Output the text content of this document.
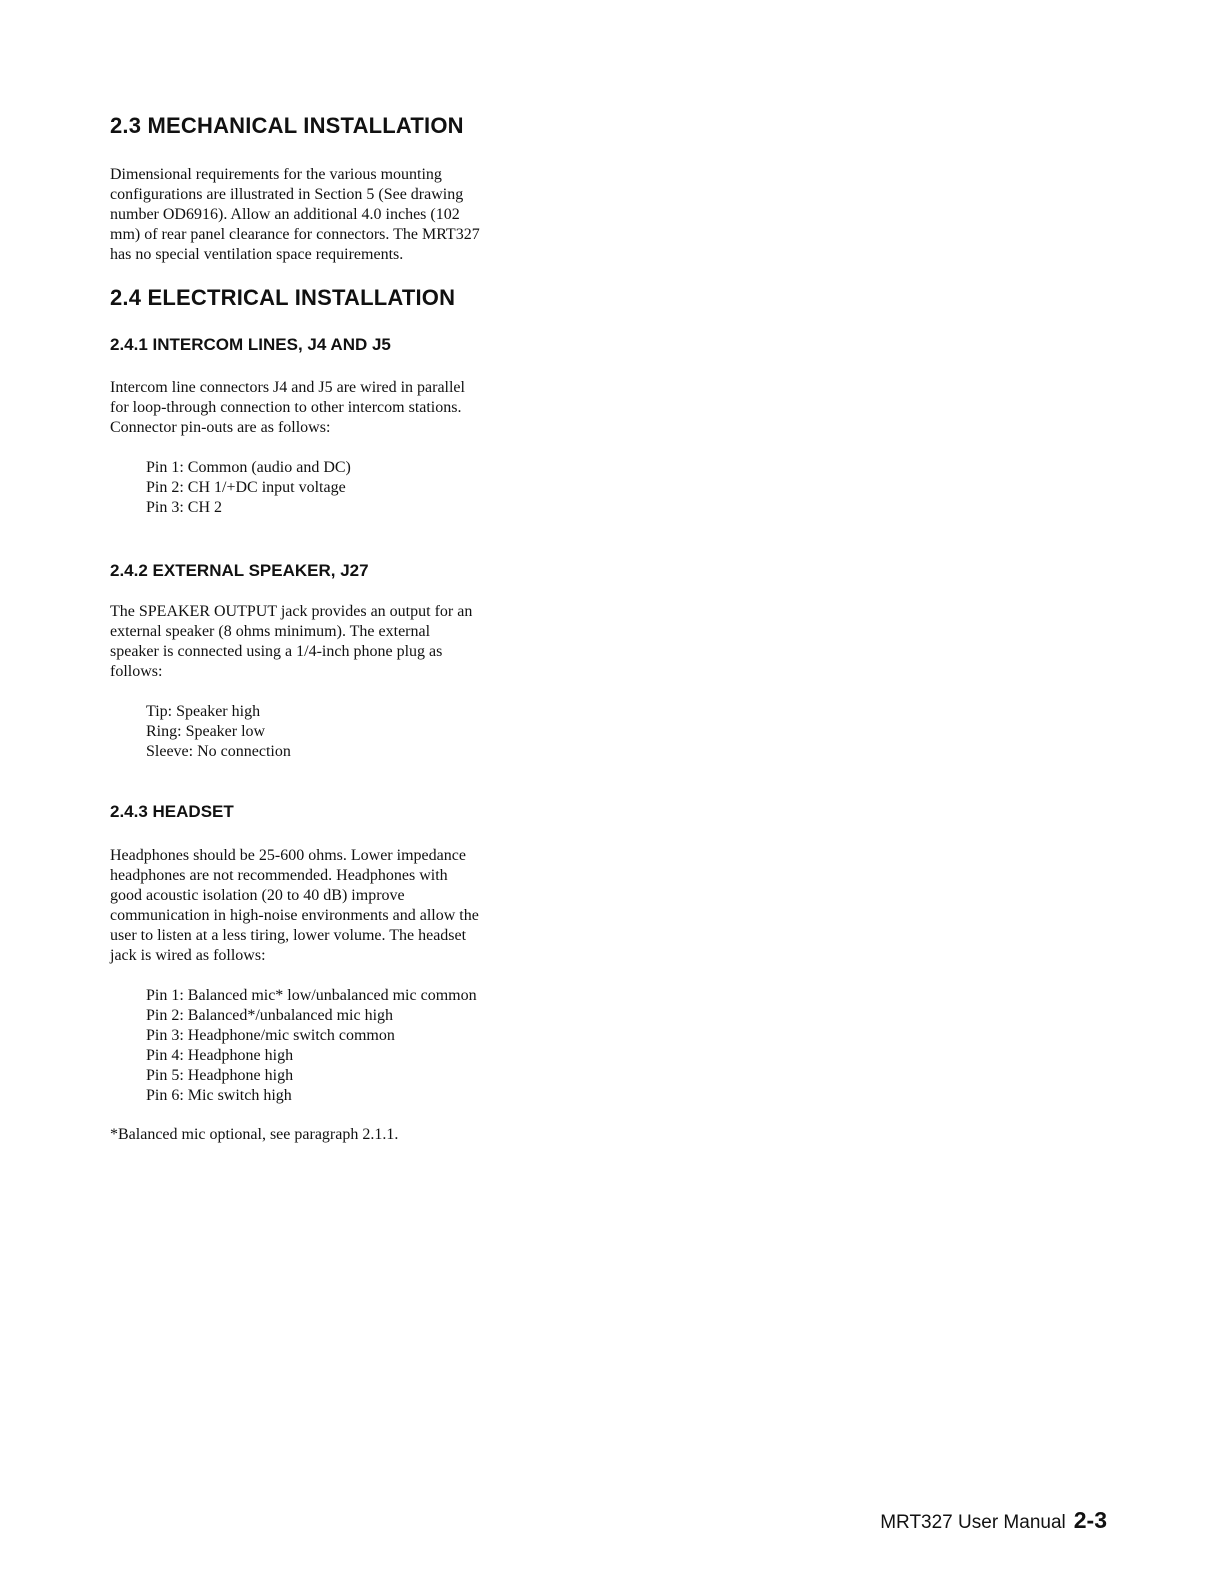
2.3 MECHANICAL INSTALLATION

Dimensional requirements for the various mounting
configurations are illustrated in Section 5 (See drawing
number OD6916). Allow an additional 4.0 inches (102
mm) of rear panel clearance for connectors. The MRT327
has no special ventilation space requirements.

2.4 ELECTRICAL INSTALLATION
2.4.1 INTERCOM LINES, J4 AND J5

Intercom line connectors J4 and J5 are wired in parallel
for loop-through connection to other intercom stations.
Connector pin-outs are as follows:

Pin 1: Common (audio and DC)
Pin 2: CH 1/+DC input voltage
Pin 3: CH 2
2.4.2 EXTERNAL SPEAKER, J27

The SPEAKER OUTPUT jack provides an output for an
external speaker (8 ohms minimum). The external
speaker is connected using a 1/4-inch phone plug as
follows:

Tip: Speaker high
Ring: Speaker low
Sleeve: No connection
2.4.3 HEADSET

Headphones should be 25-600 ohms. Lower impedance
headphones are not recommended. Headphones with
good acoustic isolation (20 to 40 dB) improve
communication in high-noise environments and allow the
user to listen at a less tiring, lower volume. The headset
jack is wired as follows:

Pin 1: Balanced mic* low/unbalanced mic common
Pin 2: Balanced*/unbalanced mic high
Pin 3: Headphone/mic switch common
Pin 4: Headphone high
Pin 5: Headphone high
Pin 6: Mic switch high

*Balanced mic optional, see paragraph 2.1.1.

MRT327 User Manual 2-3
